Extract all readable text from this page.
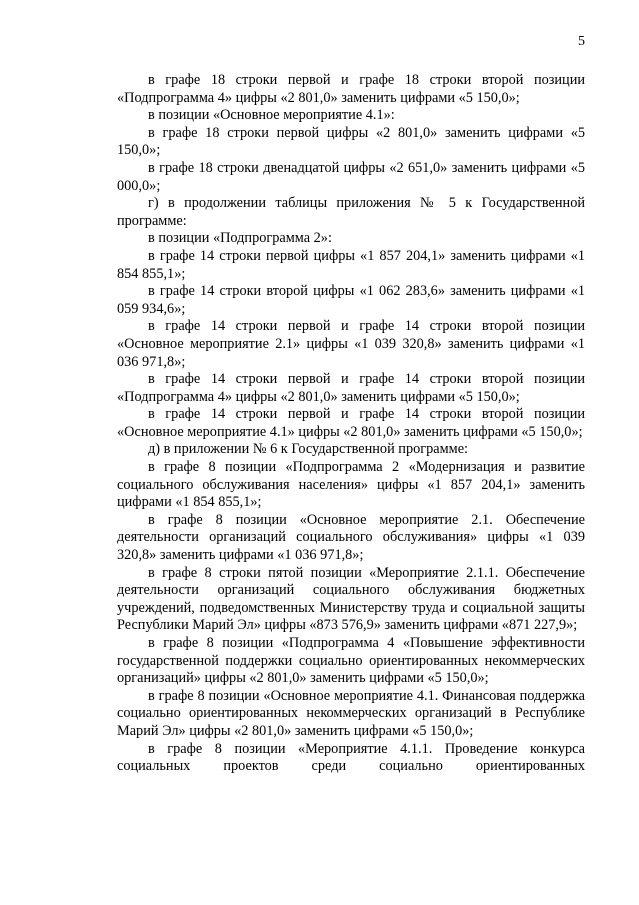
5

в графе 18 строки первой и графе 18 строки второй позиции «Подпрограмма 4» цифры «2 801,0» заменить цифрами «5 150,0»;

в позиции «Основное мероприятие 4.1»:

в графе 18 строки первой цифры «2 801,0» заменить цифрами «5 150,0»;

в графе 18 строки двенадцатой цифры «2 651,0» заменить цифрами «5 000,0»;

г) в продолжении таблицы приложения № 5 к Государственной программе:

в позиции «Подпрограмма 2»:

в графе 14 строки первой цифры «1 857 204,1» заменить цифрами «1 854 855,1»;

в графе 14 строки второй цифры «1 062 283,6» заменить цифрами «1 059 934,6»;

в графе 14 строки первой и графе 14 строки второй позиции «Основное мероприятие 2.1» цифры «1 039 320,8» заменить цифрами «1 036 971,8»;

в графе 14 строки первой и графе 14 строки второй позиции «Подпрограмма 4» цифры «2 801,0» заменить цифрами «5 150,0»;

в графе 14 строки первой и графе 14 строки второй позиции «Основное мероприятие 4.1» цифры «2 801,0» заменить цифрами «5 150,0»;

д) в приложении № 6 к Государственной программе:

в графе 8 позиции «Подпрограмма 2 «Модернизация и развитие социального обслуживания населения» цифры «1 857 204,1» заменить цифрами «1 854 855,1»;

в графе 8 позиции «Основное мероприятие 2.1. Обеспечение деятельности организаций социального обслуживания» цифры «1 039 320,8» заменить цифрами «1 036 971,8»;

в графе 8 строки пятой позиции «Мероприятие 2.1.1. Обеспечение деятельности организаций социального обслуживания бюджетных учреждений, подведомственных Министерству труда и социальной защиты Республики Марий Эл» цифры «873 576,9» заменить цифрами «871 227,9»;

в графе 8 позиции «Подпрограмма 4 «Повышение эффективности государственной поддержки социально ориентированных некоммерческих организаций» цифры «2 801,0» заменить цифрами «5 150,0»;

в графе 8 позиции «Основное мероприятие 4.1. Финансовая поддержка социально ориентированных некоммерческих организаций в Республике Марий Эл» цифры «2 801,0» заменить цифрами «5 150,0»;

в графе 8 позиции «Мероприятие 4.1.1. Проведение конкурса социальных проектов среди социально ориентированных
